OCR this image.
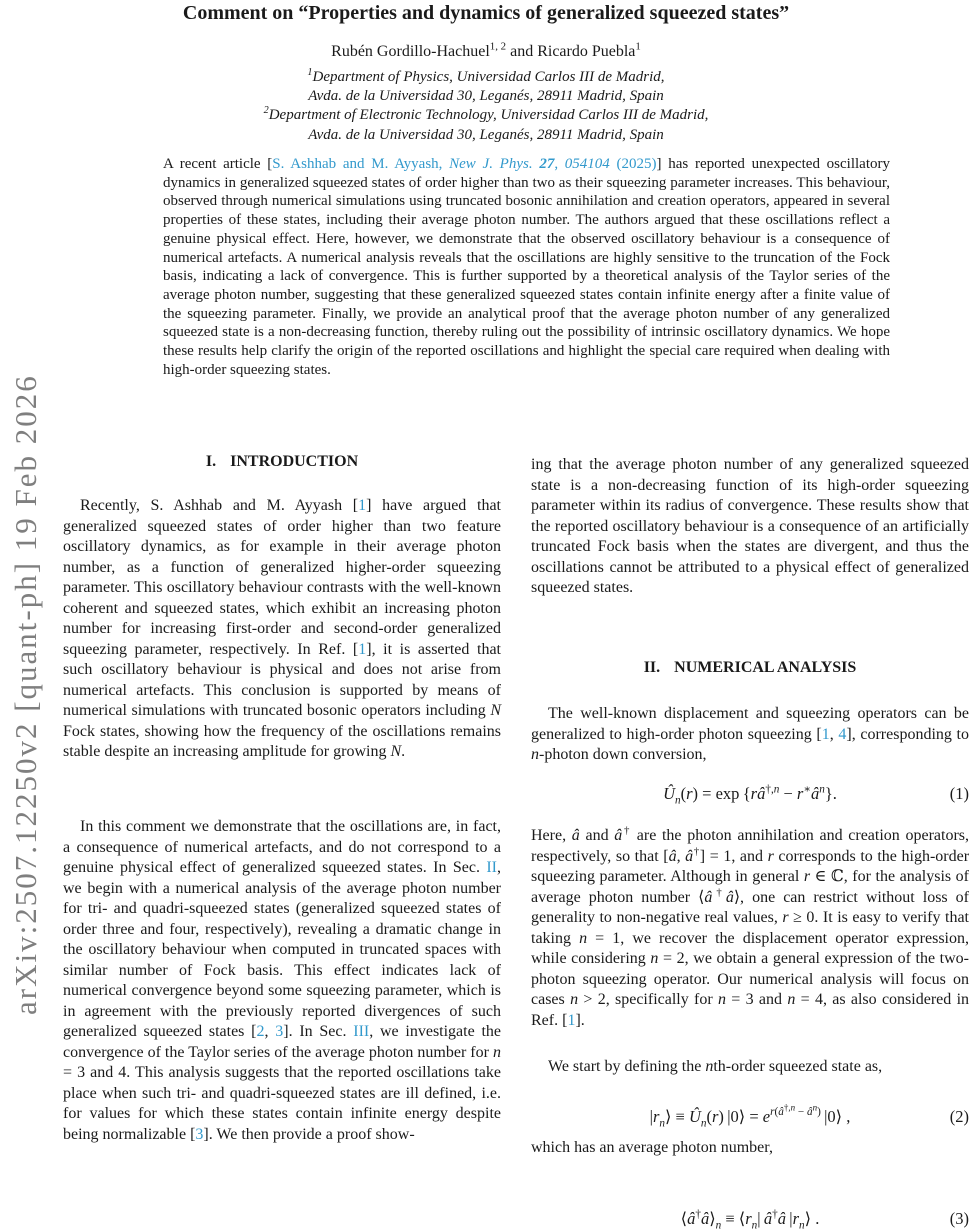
arXiv:2507.12250v2 [quant-ph] 19 Feb 2026
Comment on “Properties and dynamics of generalized squeezed states”
Rubén Gordillo-Hachuel$^{1, 2}$ and Ricardo Puebla$^1$
$^1$Department of Physics, Universidad Carlos III de Madrid,
Avda. de la Universidad 30, Leganés, 28911 Madrid, Spain
$^2$Department of Electronic Technology, Universidad Carlos III de Madrid,
Avda. de la Universidad 30, Leganés, 28911 Madrid, Spain
A recent article [S. Ashhab and M. Ayyash, New J. Phys. 27, 054104 (2025)] has reported unexpected oscillatory dynamics in generalized squeezed states of order higher than two as their squeezing parameter increases. This behaviour, observed through numerical simulations using truncated bosonic annihilation and creation operators, appeared in several properties of these states, including their average photon number. The authors argued that these oscillations reflect a genuine physical effect. Here, however, we demonstrate that the observed oscillatory behaviour is a consequence of numerical artefacts. A numerical analysis reveals that the oscillations are highly sensitive to the truncation of the Fock basis, indicating a lack of convergence. This is further supported by a theoretical analysis of the Taylor series of the average photon number, suggesting that these generalized squeezed states contain infinite energy after a finite value of the squeezing parameter. Finally, we provide an analytical proof that the average photon number of any generalized squeezed state is a non-decreasing function, thereby ruling out the possibility of intrinsic oscillatory dynamics. We hope these results help clarify the origin of the reported oscillations and highlight the special care required when dealing with high-order squeezing states.
I. INTRODUCTION
Recently, S. Ashhab and M. Ayyash [1] have argued that generalized squeezed states of order higher than two feature oscillatory dynamics, as for example in their average photon number, as a function of generalized higher-order squeezing parameter. This oscillatory behaviour contrasts with the well-known coherent and squeezed states, which exhibit an increasing photon number for increasing first-order and second-order generalized squeezing parameter, respectively. In Ref. [1], it is asserted that such oscillatory behaviour is physical and does not arise from numerical artefacts. This conclusion is supported by means of numerical simulations with truncated bosonic operators including N Fock states, showing how the frequency of the oscillations remains stable despite an increasing amplitude for growing N.
In this comment we demonstrate that the oscillations are, in fact, a consequence of numerical artefacts, and do not correspond to a genuine physical effect of generalized squeezed states. In Sec. II, we begin with a numerical analysis of the average photon number for tri- and quadri-squeezed states (generalized squeezed states of order three and four, respectively), revealing a dramatic change in the oscillatory behaviour when computed in truncated spaces with similar number of Fock basis. This effect indicates lack of numerical convergence beyond some squeezing parameter, which is in agreement with the previously reported divergences of such generalized squeezed states [2, 3]. In Sec. III, we investigate the convergence of the Taylor series of the average photon number for n = 3 and 4. This analysis suggests that the reported oscillations take place when such tri- and quadri-squeezed states are ill defined, i.e. for values for which these states contain infinite energy despite being normalizable [3]. We then provide a proof show-
ing that the average photon number of any generalized squeezed state is a non-decreasing function of its high-order squeezing parameter within its radius of convergence. These results show that the reported oscillatory behaviour is a consequence of an artificially truncated Fock basis when the states are divergent, and thus the oscillations cannot be attributed to a physical effect of generalized squeezed states.
II. NUMERICAL ANALYSIS
The well-known displacement and squeezing operators can be generalized to high-order photon squeezing [1, 4], corresponding to n-photon down conversion,
$Û_n(r) = \exp$ {$râ^{\dagger,n}$ − $r^∗â^n$}.	(1)
Here, â and â† are the photon annihilation and creation operators, respectively, so that [â, â†] = 1, and r corresponds to the high-order squeezing parameter. Although in general r ∈ ℂ, for the analysis of average photon number ⟨â†â⟩, one can restrict without loss of generality to non-negative real values, r ≥ 0. It is easy to verify that taking n = 1, we recover the displacement operator expression, while considering n = 2, we obtain a general expression of the two-photon squeezing operator. Our numerical analysis will focus on cases n > 2, specifically for n = 3 and n = 4, as also considered in Ref. [1].
We start by defining the nth-order squeezed state as,
$|r_n⟩$ ≡ $Û_n(r)$ |0⟩ = $e^{r(â^{\dagger,n} - â^n)}$ |0⟩ ,	(2)
which has an average photon number,
$⟨â^\dagger â⟩_n$ ≡ $⟨r_n|$ â†â $|r_n⟩$ .	(3)
